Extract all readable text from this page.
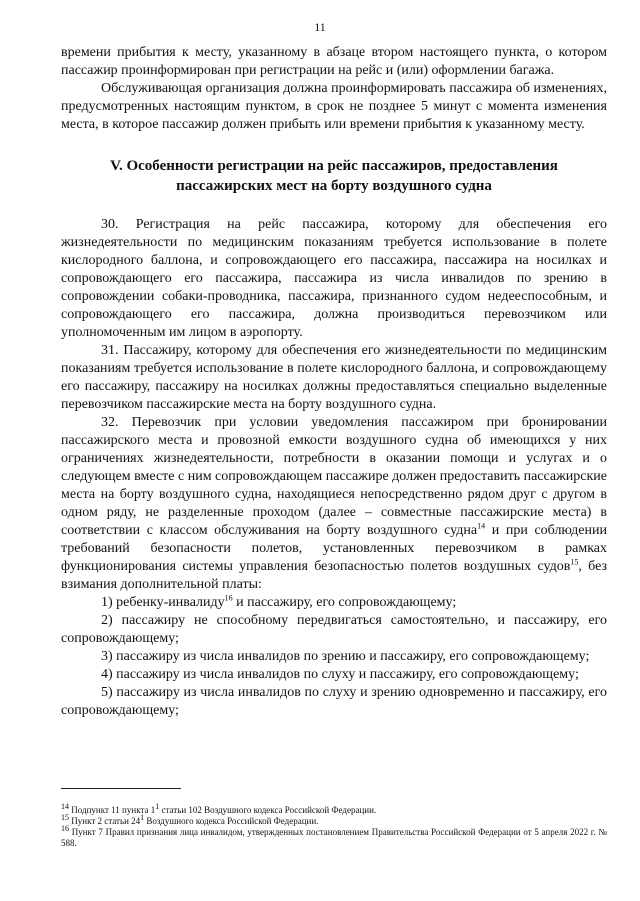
11

времени прибытия к месту, указанному в абзаце втором настоящего пункта, о котором пассажир проинформирован при регистрации на рейс и (или) оформлении багажа.

Обслуживающая организация должна проинформировать пассажира об изменениях, предусмотренных настоящим пунктом, в срок не позднее 5 минут с момента изменения места, в которое пассажир должен прибыть или времени прибытия к указанному месту.

V. Особенности регистрации на рейс пассажиров, предоставления пассажирских мест на борту воздушного судна

30. Регистрация на рейс пассажира, которому для обеспечения его жизнедеятельности по медицинским показаниям требуется использование в полете кислородного баллона, и сопровождающего его пассажира, пассажира на носилках и сопровождающего его пассажира, пассажира из числа инвалидов по зрению в сопровождении собаки-проводника, пассажира, признанного судом недееспособным, и сопровождающего его пассажира, должна производиться перевозчиком или уполномоченным им лицом в аэропорту.

31. Пассажиру, которому для обеспечения его жизнедеятельности по медицинским показаниям требуется использование в полете кислородного баллона, и сопровождающему его пассажиру, пассажиру на носилках должны предоставляться специально выделенные перевозчиком пассажирские места на борту воздушного судна.

32. Перевозчик при условии уведомления пассажиром при бронировании пассажирского места и провозной емкости воздушного судна об имеющихся у них ограничениях жизнедеятельности, потребности в оказании помощи и услугах и о следующем вместе с ним сопровождающем пассажире должен предоставить пассажирские места на борту воздушного судна, находящиеся непосредственно рядом друг с другом в одном ряду, не разделенные проходом (далее – совместные пассажирские места) в соответствии с классом обслуживания на борту воздушного судна$^{14}$ и при соблюдении требований безопасности полетов, установленных перевозчиком в рамках функционирования системы управления безопасностью полетов воздушных судов$^{15}$, без взимания дополнительной платы:

1) ребенку-инвалиду$^{16}$ и пассажиру, его сопровождающему;

2) пассажиру не способному передвигаться самостоятельно, и пассажиру, его сопровождающему;

3) пассажиру из числа инвалидов по зрению и пассажиру, его сопровождающему;

4) пассажиру из числа инвалидов по слуху и пассажиру, его сопровождающему;

5) пассажиру из числа инвалидов по слуху и зрению одновременно и пассажиру, его сопровождающему;

$^{14}$ Подпункт 11 пункта $1^1$ статьи 102 Воздушного кодекса Российской Федерации.
$^{15}$ Пункт 2 статьи $24^1$ Воздушного кодекса Российской Федерации.
$^{16}$ Пункт 7 Правил признания лица инвалидом, утвержденных постановлением Правительства Российской Федерации от 5 апреля 2022 г. № 588.
